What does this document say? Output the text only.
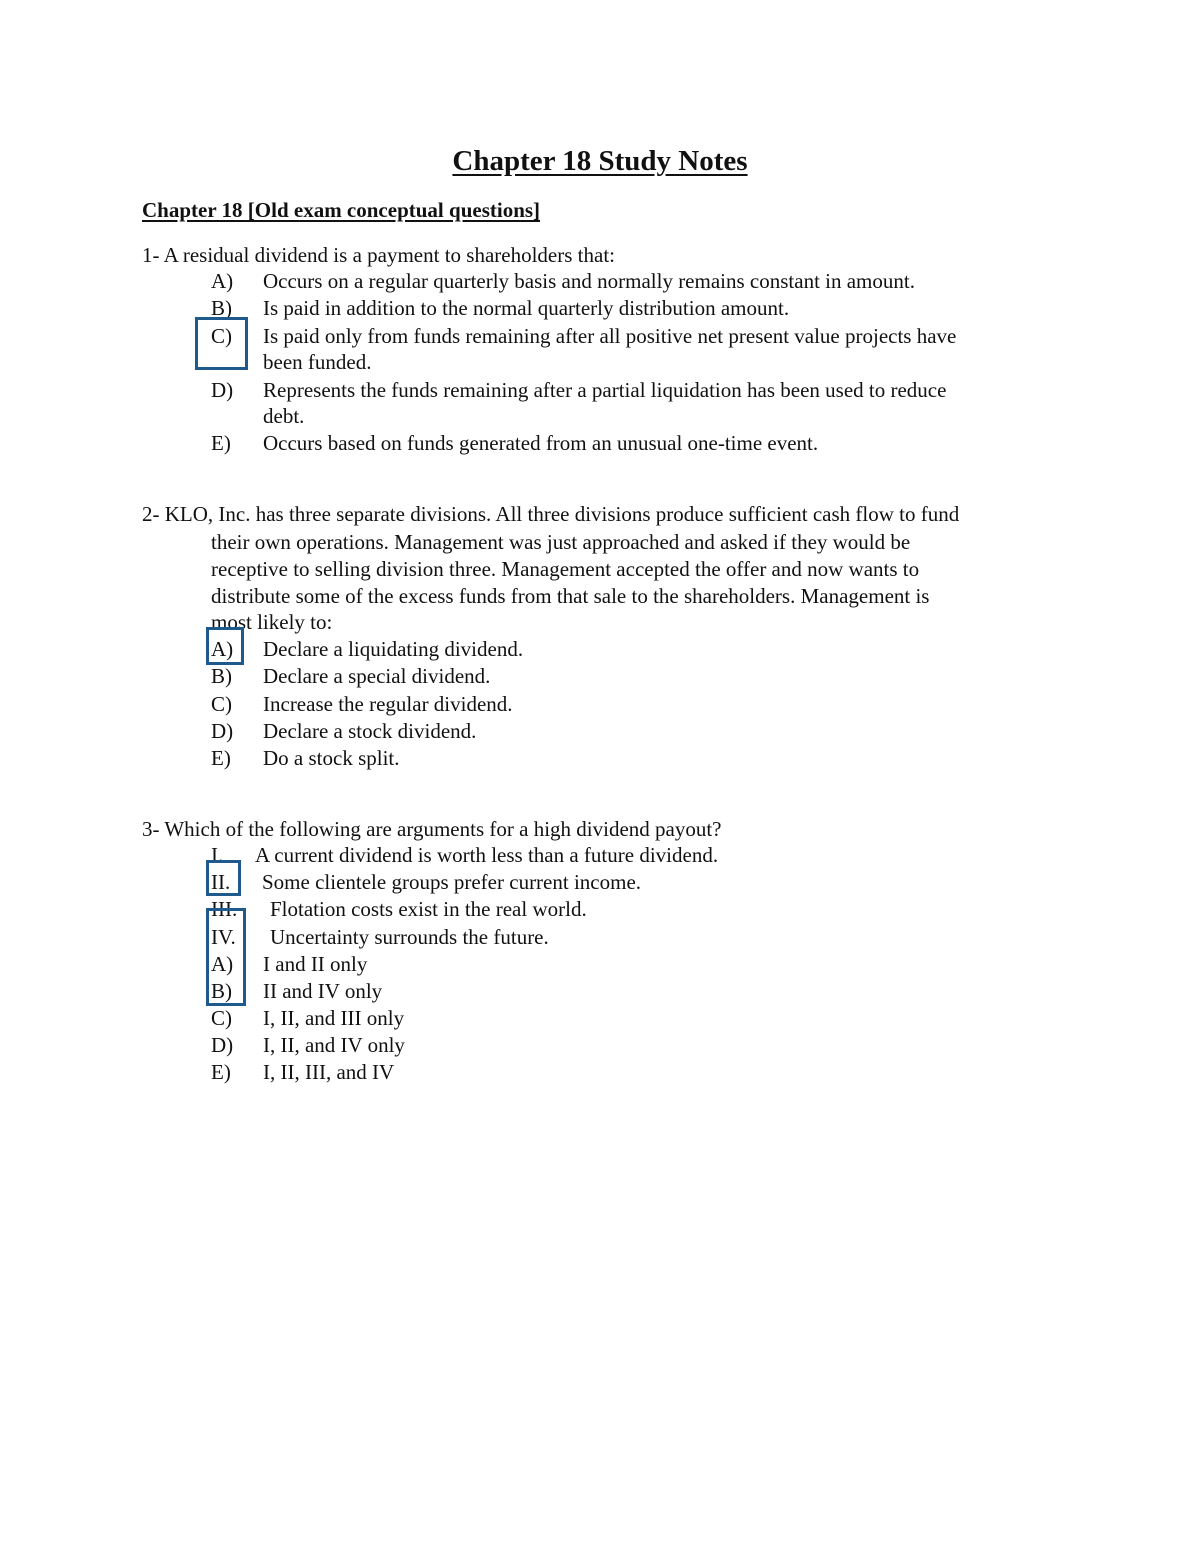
Chapter 18 Study Notes
Chapter 18 [Old exam conceptual questions]
1- A residual dividend is a payment to shareholders that:
A) Occurs on a regular quarterly basis and normally remains constant in amount.
B) Is paid in addition to the normal quarterly distribution amount.
C) Is paid only from funds remaining after all positive net present value projects have
been funded.
D) Represents the funds remaining after a partial liquidation has been used to reduce
debt.
E) Occurs based on funds generated from an unusual one-time event.
2- KLO, Inc. has three separate divisions. All three divisions produce sufficient cash flow to fund
their own operations. Management was just approached and asked if they would be
receptive to selling division three. Management accepted the offer and now wants to
distribute some of the excess funds from that sale to the shareholders. Management is
most likely to:
A) Declare a liquidating dividend.
B) Declare a special dividend.
C) Increase the regular dividend.
D) Declare a stock dividend.
E) Do a stock split.
3- Which of the following are arguments for a high dividend payout?
I. A current dividend is worth less than a future dividend.
II. Some clientele groups prefer current income.
III. Flotation costs exist in the real world.
IV. Uncertainty surrounds the future.
A) I and II only
B) II and IV only
C) I, II, and III only
D) I, II, and IV only
E) I, II, III, and IV
